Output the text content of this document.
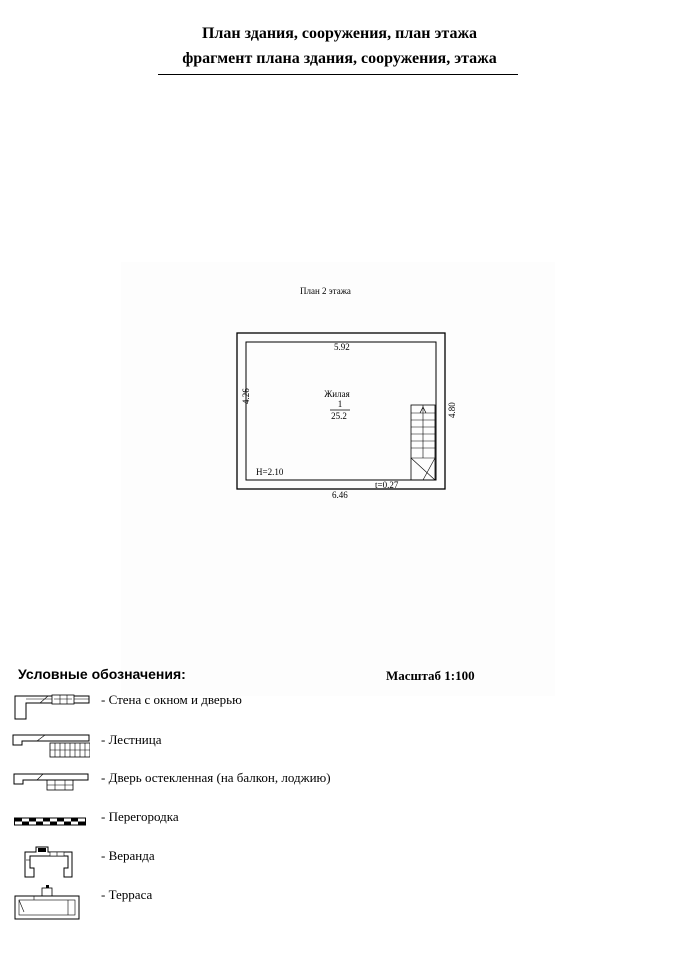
План здания, сооружения, план этажа
фрагмент плана здания, сооружения, этажа
План 2 этажа
5.92
6.46
4.26
4.80
H=2.10
t=0.27
Жилая
1
25.2
Условные обозначения:	Масштаб 1:100
- Стена с окном и дверью
- Лестница
- Дверь остекленная (на балкон, лоджию)
- Перегородка
- Веранда
- Терраса
